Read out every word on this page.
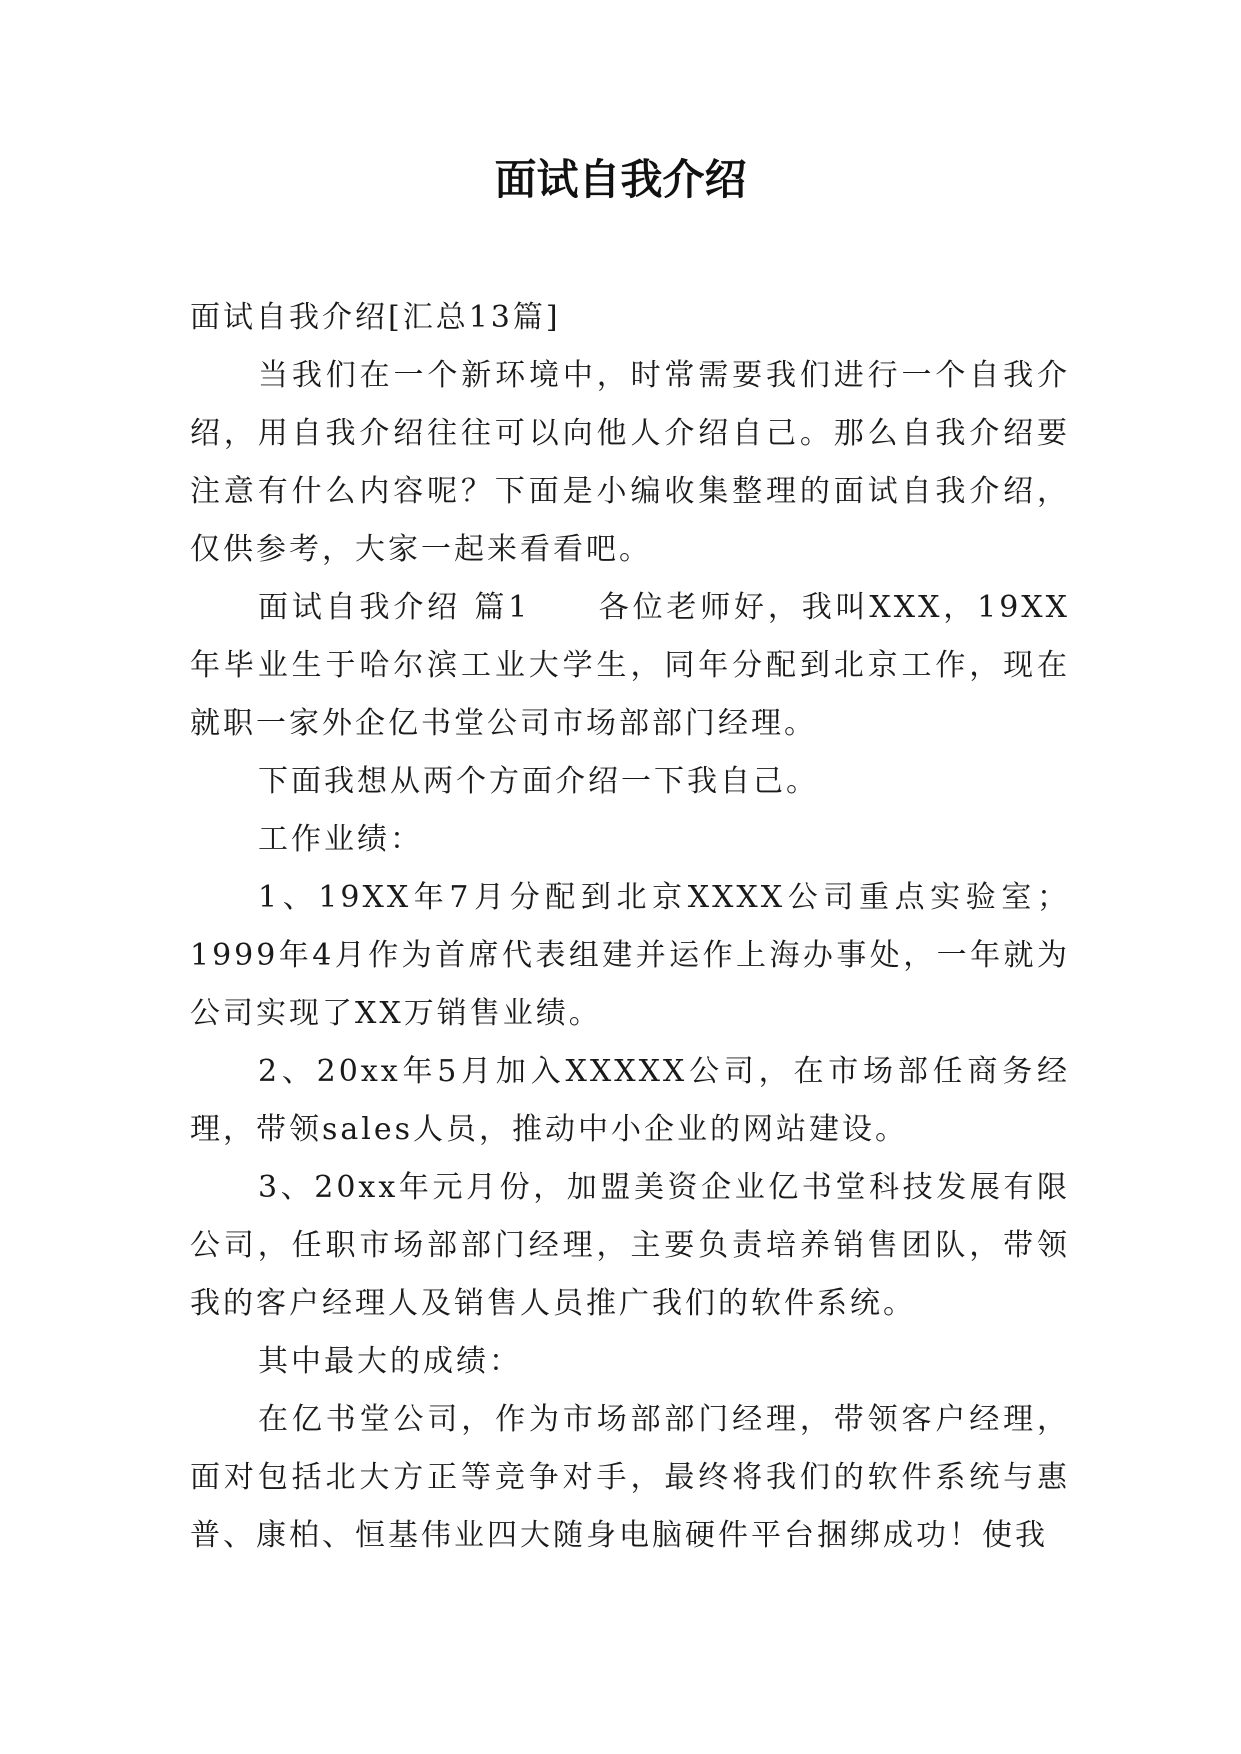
面试自我介绍

面试自我介绍[汇总13篇]

当我们在一个新环境中，时常需要我们进行一个自我介绍，用自我介绍往往可以向他人介绍自己。那么自我介绍要注意有什么内容呢？下面是小编收集整理的面试自我介绍，仅供参考，大家一起来看看吧。

面试自我介绍 篇1　　各位老师好，我叫XXX，19XX年毕业生于哈尔滨工业大学生，同年分配到北京工作，现在就职一家外企亿书堂公司市场部部门经理。

下面我想从两个方面介绍一下我自己。

工作业绩：

1、19XX年7月分配到北京XXXX公司重点实验室；1999年4月作为首席代表组建并运作上海办事处，一年就为公司实现了XX万销售业绩。

2、20xx年5月加入XXXXX公司，在市场部任商务经理，带领sales人员，推动中小企业的网站建设。

3、20xx年元月份，加盟美资企业亿书堂科技发展有限公司，任职市场部部门经理，主要负责培养销售团队，带领我的客户经理人及销售人员推广我们的软件系统。

其中最大的成绩：

在亿书堂公司，作为市场部部门经理，带领客户经理，面对包括北大方正等竞争对手，最终将我们的软件系统与惠普、康柏、恒基伟业四大随身电脑硬件平台捆绑成功！使我
